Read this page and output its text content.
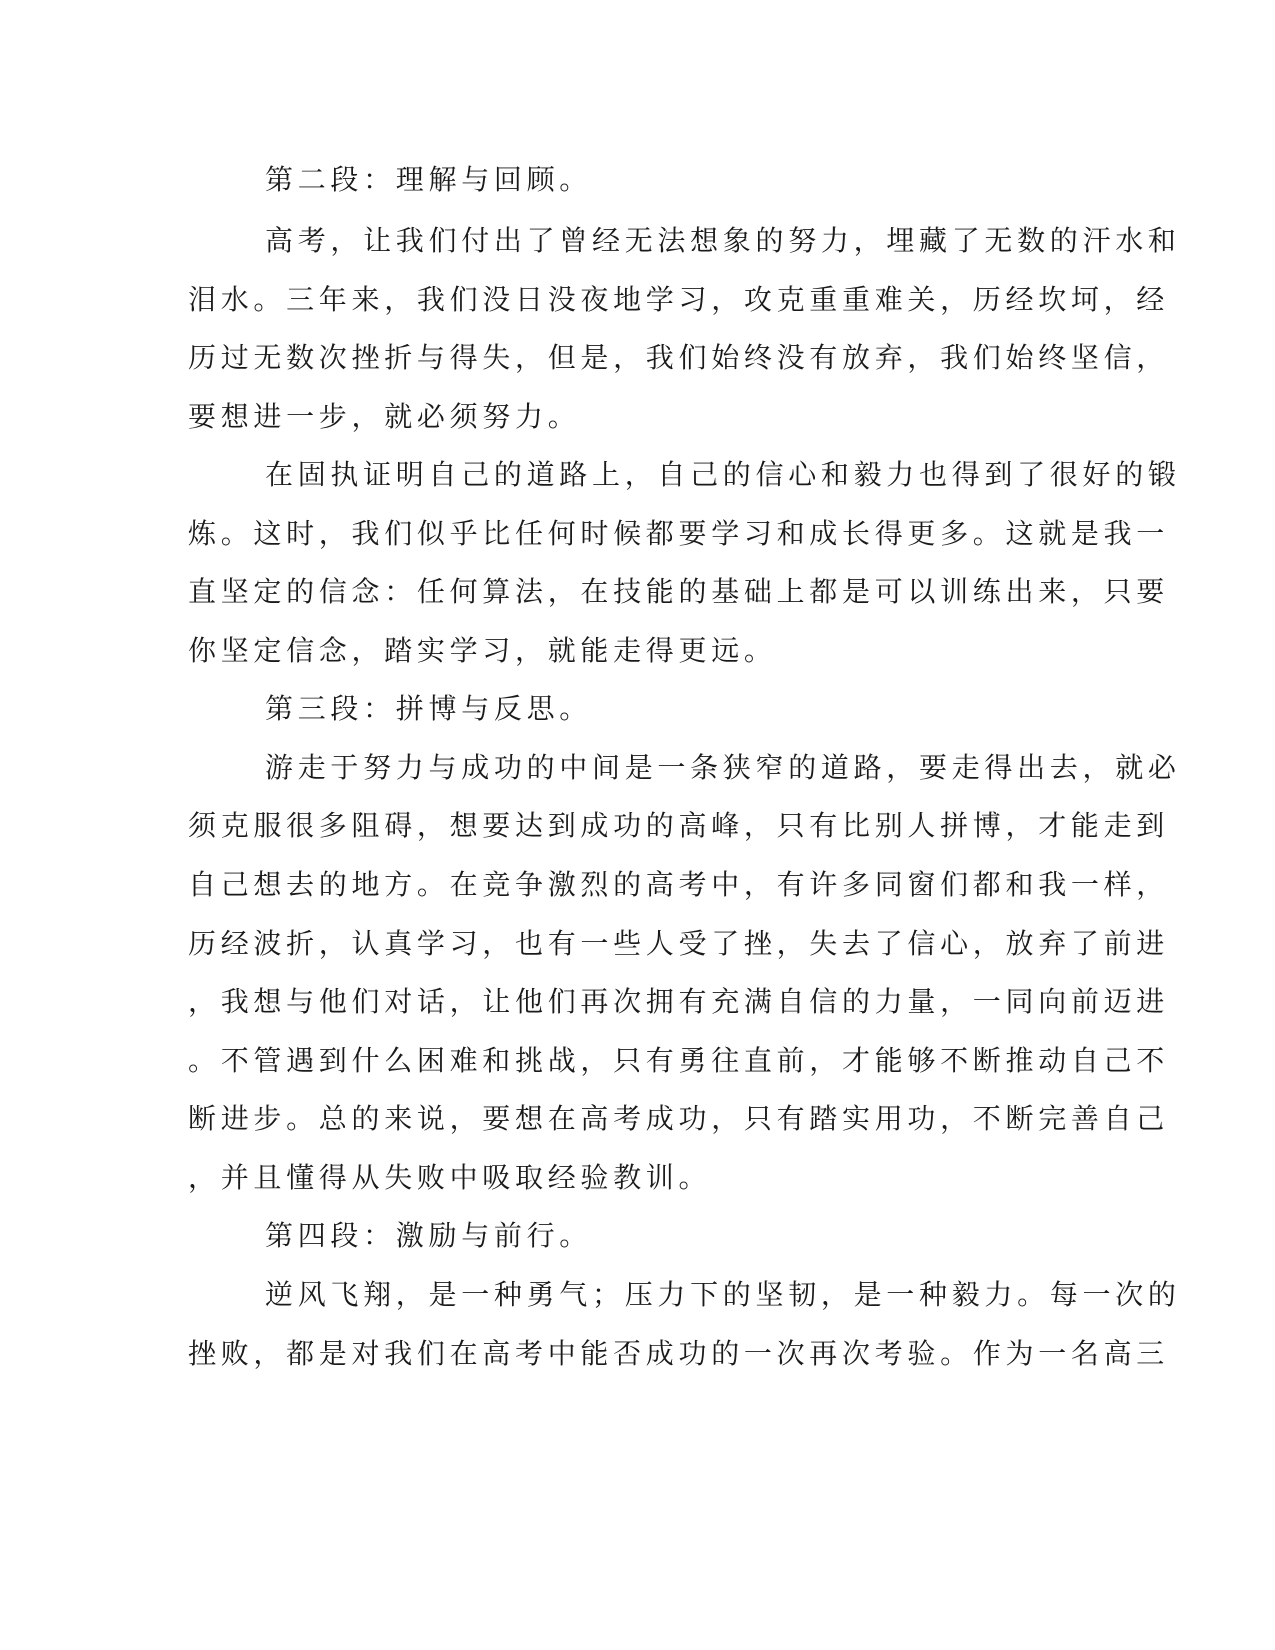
第二段：理解与回顾。
高考，让我们付出了曾经无法想象的努力，埋藏了无数的汗水和
泪水。三年来，我们没日没夜地学习，攻克重重难关，历经坎坷，经
历过无数次挫折与得失，但是，我们始终没有放弃，我们始终坚信，
要想进一步，就必须努力。
在固执证明自己的道路上，自己的信心和毅力也得到了很好的锻
炼。这时，我们似乎比任何时候都要学习和成长得更多。这就是我一
直坚定的信念：任何算法，在技能的基础上都是可以训练出来，只要
你坚定信念，踏实学习，就能走得更远。
第三段：拼博与反思。
游走于努力与成功的中间是一条狭窄的道路，要走得出去，就必
须克服很多阻碍，想要达到成功的高峰，只有比别人拼博，才能走到
自己想去的地方。在竞争激烈的高考中，有许多同窗们都和我一样，
历经波折，认真学习，也有一些人受了挫，失去了信心，放弃了前进
，我想与他们对话，让他们再次拥有充满自信的力量，一同向前迈进
。不管遇到什么困难和挑战，只有勇往直前，才能够不断推动自己不
断进步。总的来说，要想在高考成功，只有踏实用功，不断完善自己
，并且懂得从失败中吸取经验教训。
第四段：激励与前行。
逆风飞翔，是一种勇气；压力下的坚韧，是一种毅力。每一次的
挫败，都是对我们在高考中能否成功的一次再次考验。作为一名高三
